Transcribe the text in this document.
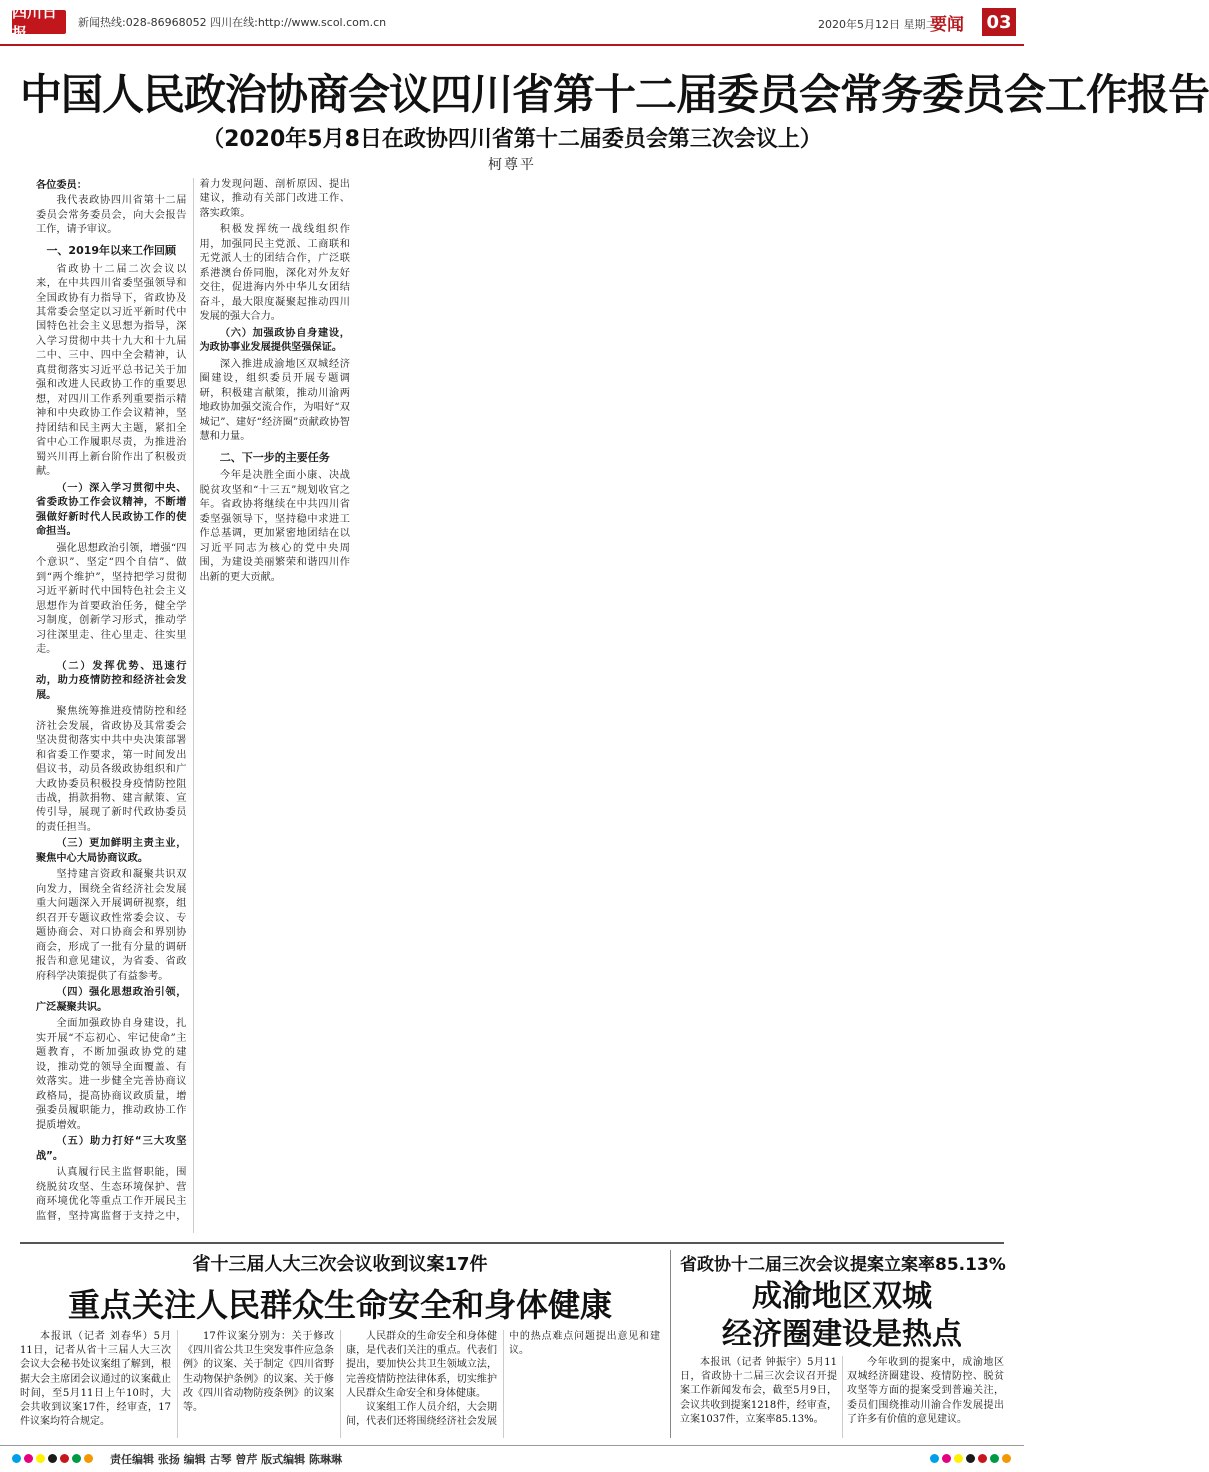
四川日报
新闻热线:028-86968052 四川在线:http://www.scol.com.cn	2020年5月12日 星期二
要闻 03
中国人民政治协商会议四川省第十二届委员会常务委员会工作报告
（2020年5月8日在政协四川省第十二届委员会第三次会议上）
柯尊平

各位委员：

我代表政协四川省第十二届委员会常务委员会，向大会报告工作，请予审议。

一、2019年以来工作回顾

省政协十二届二次会议以来，在中共四川省委坚强领导和全国政协有力指导下，省政协及其常委会坚定以习近平新时代中国特色社会主义思想为指导，深入学习贯彻中共十九大和十九届二中、三中、四中全会精神，认真贯彻落实习近平总书记关于加强和改进人民政协工作的重要思想，对四川工作系列重要指示精神和中央政协工作会议精神，坚持团结和民主两大主题，紧扣全省中心工作履职尽责，为推进治蜀兴川再上新台阶作出了积极贡献。

（一）深入学习贯彻中央、省委政协工作会议精神，不断增强做好新时代人民政协工作的使命担当。

强化思想政治引领，增强“四个意识”、坚定“四个自信”、做到“两个维护”，坚持把学习贯彻习近平新时代中国特色社会主义思想作为首要政治任务，健全学习制度，创新学习形式，推动学习往深里走、往心里走、往实里走。

（二）发挥优势、迅速行动，助力疫情防控和经济社会发展。

聚焦统筹推进疫情防控和经济社会发展，省政协及其常委会坚决贯彻落实中共中央决策部署和省委工作要求，第一时间发出倡议书，动员各级政协组织和广大政协委员积极投身疫情防控阻击战，捐款捐物、建言献策、宣传引导，展现了新时代政协委员的责任担当。

（三）更加鲜明主责主业，聚焦中心大局协商议政。

坚持建言资政和凝聚共识双向发力，围绕全省经济社会发展重大问题深入开展调研视察，组织召开专题议政性常委会议、专题协商会、对口协商会和界别协商会，形成了一批有分量的调研报告和意见建议，为省委、省政府科学决策提供了有益参考。

（四）强化思想政治引领，广泛凝聚共识。

全面加强政协自身建设，扎实开展“不忘初心、牢记使命”主题教育，不断加强政协党的建设，推动党的领导全面覆盖、有效落实。进一步健全完善协商议政格局，提高协商议政质量，增强委员履职能力，推动政协工作提质增效。

（五）助力打好“三大攻坚战”。

认真履行民主监督职能，围绕脱贫攻坚、生态环境保护、营商环境优化等重点工作开展民主监督，坚持寓监督于支持之中，着力发现问题、剖析原因、提出建议，推动有关部门改进工作、落实政策。

积极发挥统一战线组织作用，加强同民主党派、工商联和无党派人士的团结合作，广泛联系港澳台侨同胞，深化对外友好交往，促进海内外中华儿女团结奋斗，最大限度凝聚起推动四川发展的强大合力。

（六）加强政协自身建设，为政协事业发展提供坚强保证。

深入推进成渝地区双城经济圈建设，组织委员开展专题调研，积极建言献策，推动川渝两地政协加强交流合作，为唱好“双城记”、建好“经济圈”贡献政协智慧和力量。

二、下一步的主要任务

今年是决胜全面小康、决战脱贫攻坚和“十三五”规划收官之年。省政协将继续在中共四川省委坚强领导下，坚持稳中求进工作总基调，更加紧密地团结在以习近平同志为核心的党中央周围，为建设美丽繁荣和谐四川作出新的更大贡献。

省十三届人大三次会议收到议案17件
重点关注人民群众生命安全和身体健康

本报讯（记者 刘春华）5月11日，记者从省十三届人大三次会议大会秘书处议案组了解到，根据大会主席团会议通过的议案截止时间，至5月11日上午10时，大会共收到议案17件，经审查，17件议案均符合规定。

17件议案分别为：关于修改《四川省公共卫生突发事件应急条例》的议案、关于制定《四川省野生动物保护条例》的议案、关于修改《四川省动物防疫条例》的议案等。

人民群众的生命安全和身体健康，是代表们关注的重点。代表们提出，要加快公共卫生领域立法，完善疫情防控法律体系，切实维护人民群众生命安全和身体健康。

议案组工作人员介绍，大会期间，代表们还将围绕经济社会发展中的热点难点问题提出意见和建议。

省政协十二届三次会议提案立案率85.13%
成渝地区双城
经济圈建设是热点

本报讯（记者 钟振宇）5月11日，省政协十二届三次会议召开提案工作新闻发布会，截至5月9日，会议共收到提案1218件，经审查，立案1037件，立案率85.13%。

今年收到的提案中，成渝地区双城经济圈建设、疫情防控、脱贫攻坚等方面的提案受到普遍关注，委员们围绕推动川渝合作发展提出了许多有价值的意见建议。

责任编辑 张扬 编辑 古琴 曾芹 版式编辑 陈琳琳
